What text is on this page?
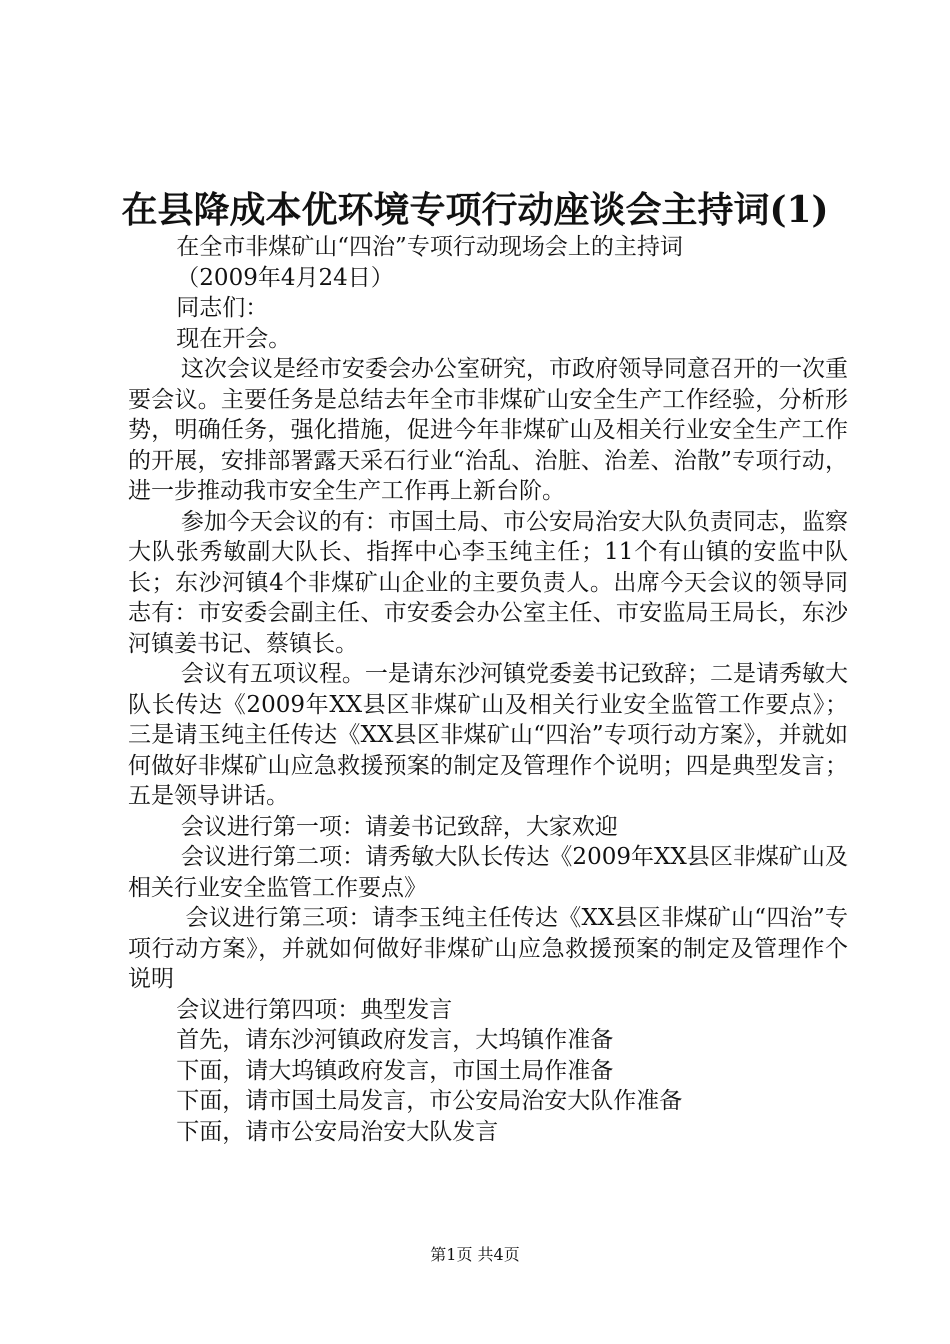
在县降成本优环境专项行动座谈会主持词(1)

在全市非煤矿山“四治”专项行动现场会上的主持词

（2009年4月24日）

同志们：

现在开会。

这次会议是经市安委会办公室研究，市政府领导同意召开的一次重要会议。主要任务是总结去年全市非煤矿山安全生产工作经验，分析形势，明确任务，强化措施，促进今年非煤矿山及相关行业安全生产工作的开展，安排部署露天采石行业“治乱、治脏、治差、治散”专项行动，进一步推动我市安全生产工作再上新台阶。

参加今天会议的有：市国土局、市公安局治安大队负责同志，监察大队张秀敏副大队长、指挥中心李玉纯主任；11个有山镇的安监中队长；东沙河镇4个非煤矿山企业的主要负责人。出席今天会议的领导同志有：市安委会副主任、市安委会办公室主任、市安监局王局长，东沙河镇姜书记、蔡镇长。

会议有五项议程。一是请东沙河镇党委姜书记致辞；二是请秀敏大队长传达《2009年XX县区非煤矿山及相关行业安全监管工作要点》；三是请玉纯主任传达《XX县区非煤矿山“四治”专项行动方案》，并就如何做好非煤矿山应急救援预案的制定及管理作个说明；四是典型发言；五是领导讲话。

会议进行第一项：请姜书记致辞，大家欢迎

会议进行第二项：请秀敏大队长传达《2009年XX县区非煤矿山及相关行业安全监管工作要点》

会议进行第三项：请李玉纯主任传达《XX县区非煤矿山“四治”专项行动方案》，并就如何做好非煤矿山应急救援预案的制定及管理作个说明

会议进行第四项：典型发言

首先，请东沙河镇政府发言，大坞镇作准备

下面，请大坞镇政府发言，市国土局作准备

下面，请市国土局发言，市公安局治安大队作准备

下面，请市公安局治安大队发言

第1页 共4页
